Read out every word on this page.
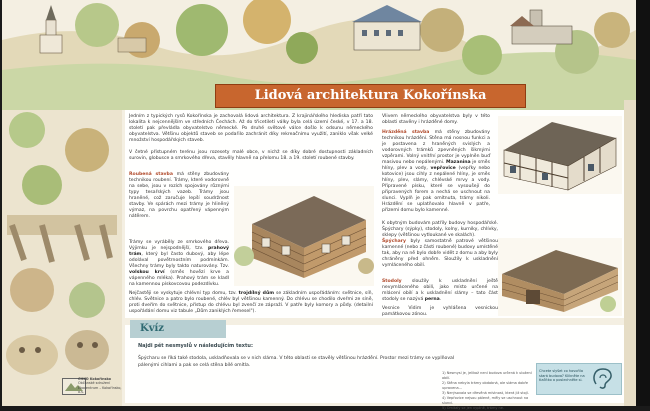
Lidová architektura Kokořínska
Jedním z typických rysů Kokořínska je zachovalá lidová architektura. Z krajinářského hlediska patří tato lokalita k nejcennějším ve středních Čechách. Až do třicetiletí války byla celá území české, v 17. a 18. století pak převládla obyvatelstvo německé. Po druhé světové válce došlo k odsunu německého obyvatelstva. Většinu objektů staveb se podařilo zachránit díky rekreačnímu využití, zaniklo však velké množství hospodářských staveb.
V četné přístupném terénu jsou rozesety malé obce, v nichž se díky dobré dostupnosti základních surovin, globusce a smrkového dřeva, stavěly hlavně na přelomu 18. a 19. století roubené stavby.
Roubená stavba má stěny zbudovány technikou roubení. Trámy, které vodorovně na sebe, jsou v rozích spojovány různými typy tesařských vazeb. Trámy jsou hraněné, což zaručuje lepší soudržnost stavby. Ve spárách mezi trámy je hliněný výmaz, na povrchu opatřený vápenným nátěrem.
Trámy se vyráběly ze smrkového dřeva. Výjimku je nejspodnější, tzv. prahový trám, který byl často dubový, aby lépe odolával povětrnostním podmínkám. Všechny trámy byly takto naturovány. Tzv. volskou krví (směs hovězí krve a vápenného mléka). Prahový trám se kladl na kamennou pískovcovou podezdívku.
Nejčastěji se vyskytuje chlévní typ domu, tzv. trojdílný dům se základním uspořádáním: světnice, síň, chlév. Světnice a patro bylo roubené, chlév byl většinou kamenný. Do chlévu se chodilo dveřmi ze síně, proti dveřím do světnice, přístup do chlévu byl zvenčí ze zápraží. V patře byly komory a půdy. (detailní uspořádání domu viz tabule „Dům zaniklých řemesel").
Vlivem německého obyvatelstva byly v této oblasti stavěny i hrázděné domy.
Hrázděná stavba má stěny zbudovány technikou hrázdění. Stěna má nosnou funkci a je postavena z hraněných svislých a vodorovných trámků zpevněných šikmými vzpěrami. Volný vnitřní prostor je vyplněn buď masivou nebo nepálenými. Mazanina je směs hlíny, plev a vody, vepřovice (vepřky nebo kotovice) jsou cihly z nepálené hlíny, je směs hlíny, plev, slámy, chlévské mrvy a vody. Připravené písku, které se vysoušejí do připravených forem a nechá se uschnout na slunci. Vyplň je pak omítnuta, trámy nikoli. Hrázdění se uplatňovalo hlavně v patře, přízemí domu bylo kamenné.
K obytným budovám patřily budovy hospodářské. Špýchary (sýpky), stodoly, kolny, kurníky, chlívky, sklepy (většinou vytloukané ve skalách).
Špýchary byly samostatně patrové většinou kamenné (nebo z části roubené) budovy umístěné tak, aby na ně bylo dobře vidět z domu a aby byly chráněny před ohněm. Sloužily k uskladnění vymláceného obilí.
Stodoly sloužily k uskladnění ještě nevymláceného obilí, jako místo určené na mlácení obilí a k uskladnění slámy – tato část stodoly se nazývá perna.
Vesnice Vidim je vyhlášena vesnickou památkovou zónou.
Kvíz
Najdi pět nesmyslů v následujícím textu:
Špýcharu se říká také stodola, uskladňovala se v nich sláma. V této oblasti se stavěly většinou hrázdění. Prostor mezi trámy se vyplňoval pálenými cihlami a pak se celá stěna bílé omítla.
1) Nesmysl je, jelikož není budova určená k uložení obilí.
2) Stěna nebyla trámy obdobná, ale sláma dobře upravena...
3) Nerýsovala se dřevěná místnost, která již stojí.
4) Vepřovice nejsou pálené, měly se uschnout na slunci.
5) Omítaly se jen vyplně, trámy ne.
Chcete slyšet co hovořila stará budova? Klikněte na tlačítko a poslechněte si.
CHKO Kokořínsko
Občanské sdružení Ekocentrum – Kokořínsko, o.s.
